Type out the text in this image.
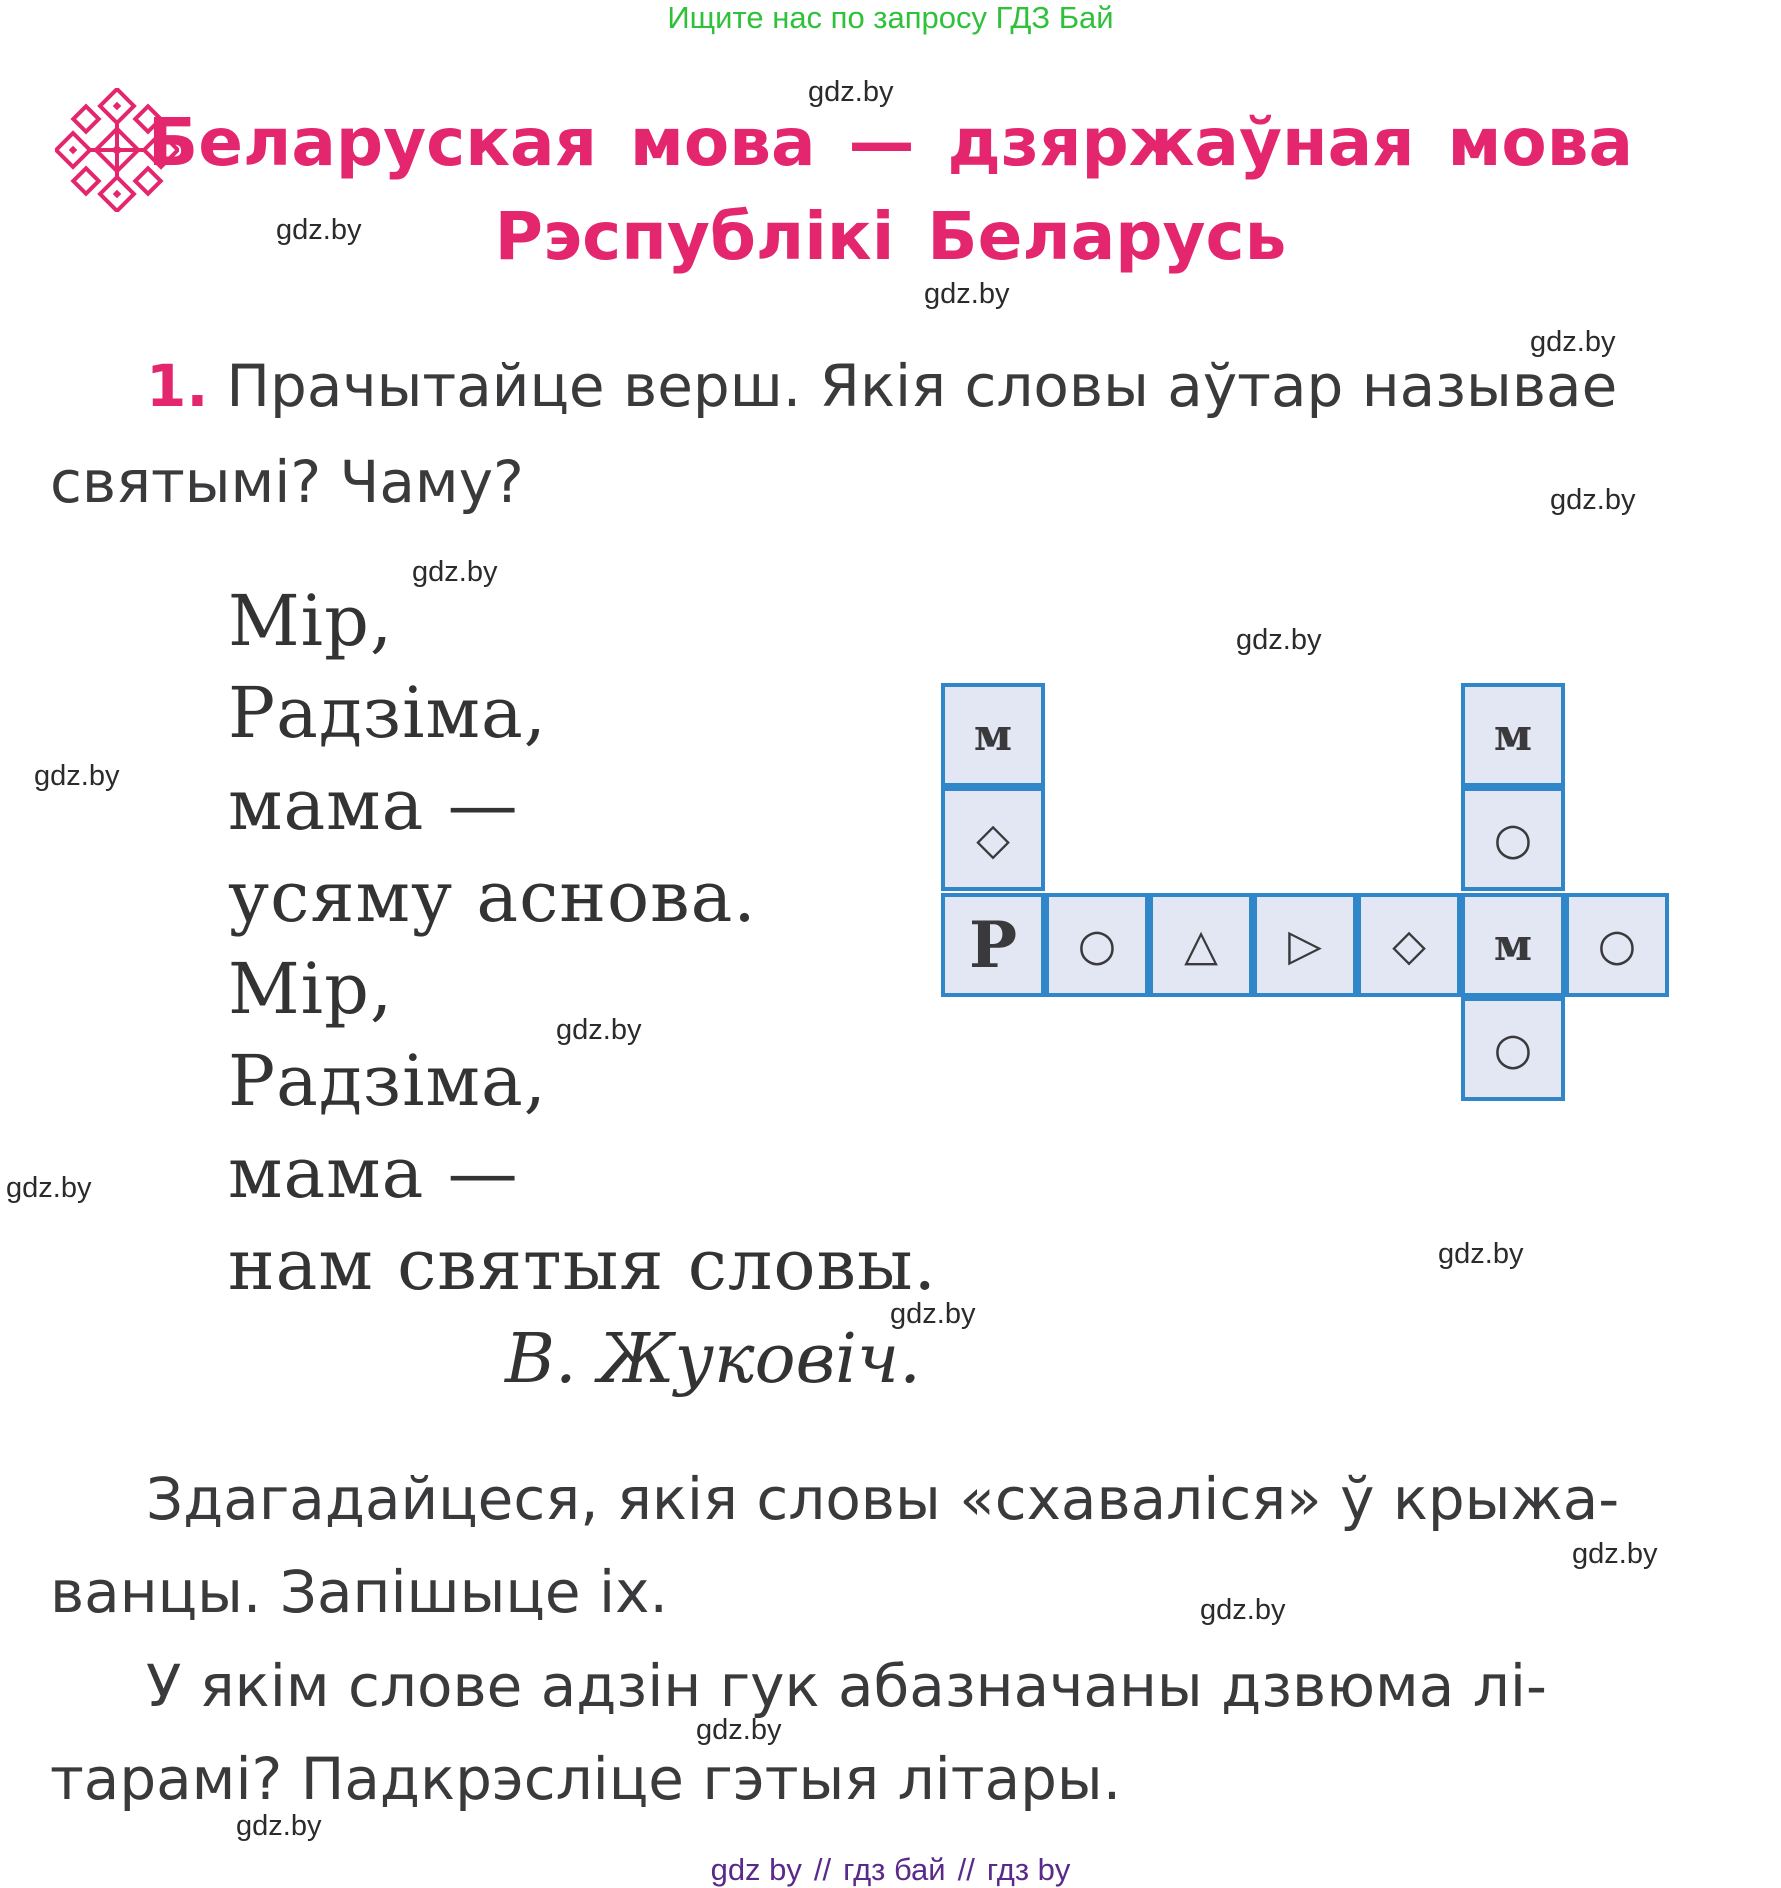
Ищите нас по запросу ГДЗ Бай
Беларуская мова — дзяржаўная мова
Рэспублікі Беларусь
1. Прачытайце верш. Якія словы аўтар называе
святымі? Чаму?
Мір,
Радзіма,
мама —
усяму аснова.
Мір,
Радзіма,
мама —
нам святыя словы.
В. Жуковіч.
м
◇
Р ○ △ ▷ ◇ м ○
м
○
○
Здагадайцеся, якія словы «схаваліся» ў крыжа-
ванцы. Запішыце іх.
У якім слове адзін гук абазначаны дзвюма лі-
тарамі? Падкрэсліце гэтыя літары.
gdz.by
gdz.by
gdz.by
gdz.by
gdz.by
gdz.by
gdz.by
gdz.by
gdz.by
gdz.by
gdz.by
gdz.by
gdz.by
gdz.by
gdz.by
gdz.by
gdz by // гдз бай // гдз by
